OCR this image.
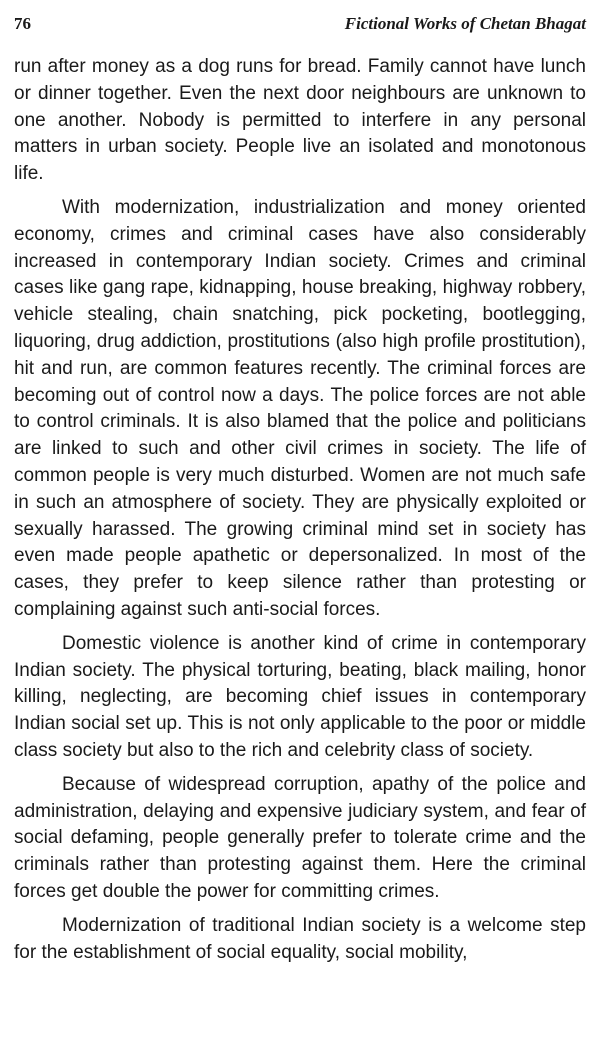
76	Fictional Works of Chetan Bhagat

run after money as a dog runs for bread. Family cannot have lunch or dinner together. Even the next door neighbours are unknown to one another. Nobody is permitted to interfere in any personal matters in urban society. People live an isolated and monotonous life.

With modernization, industrialization and money oriented economy, crimes and criminal cases have also considerably increased in contemporary Indian society. Crimes and criminal cases like gang rape, kidnapping, house breaking, highway robbery, vehicle stealing, chain snatching, pick pocketing, bootlegging, liquoring, drug addiction, prostitutions (also high profile prostitution), hit and run, are common features recently. The criminal forces are becoming out of control now a days. The police forces are not able to control criminals. It is also blamed that the police and politicians are linked to such and other civil crimes in society. The life of common people is very much disturbed. Women are not much safe in such an atmosphere of society. They are physically exploited or sexually harassed. The growing criminal mind set in society has even made people apathetic or depersonalized. In most of the cases, they prefer to keep silence rather than protesting or complaining against such anti-social forces.

Domestic violence is another kind of crime in contemporary Indian society. The physical torturing, beating, black mailing, honor killing, neglecting, are becoming chief issues in contemporary Indian social set up. This is not only applicable to the poor or middle class society but also to the rich and celebrity class of society.

Because of widespread corruption, apathy of the police and administration, delaying and expensive judiciary system, and fear of social defaming, people generally prefer to tolerate crime and the criminals rather than protesting against them. Here the criminal forces get double the power for committing crimes.

Modernization of traditional Indian society is a welcome step for the establishment of social equality, social mobility,
